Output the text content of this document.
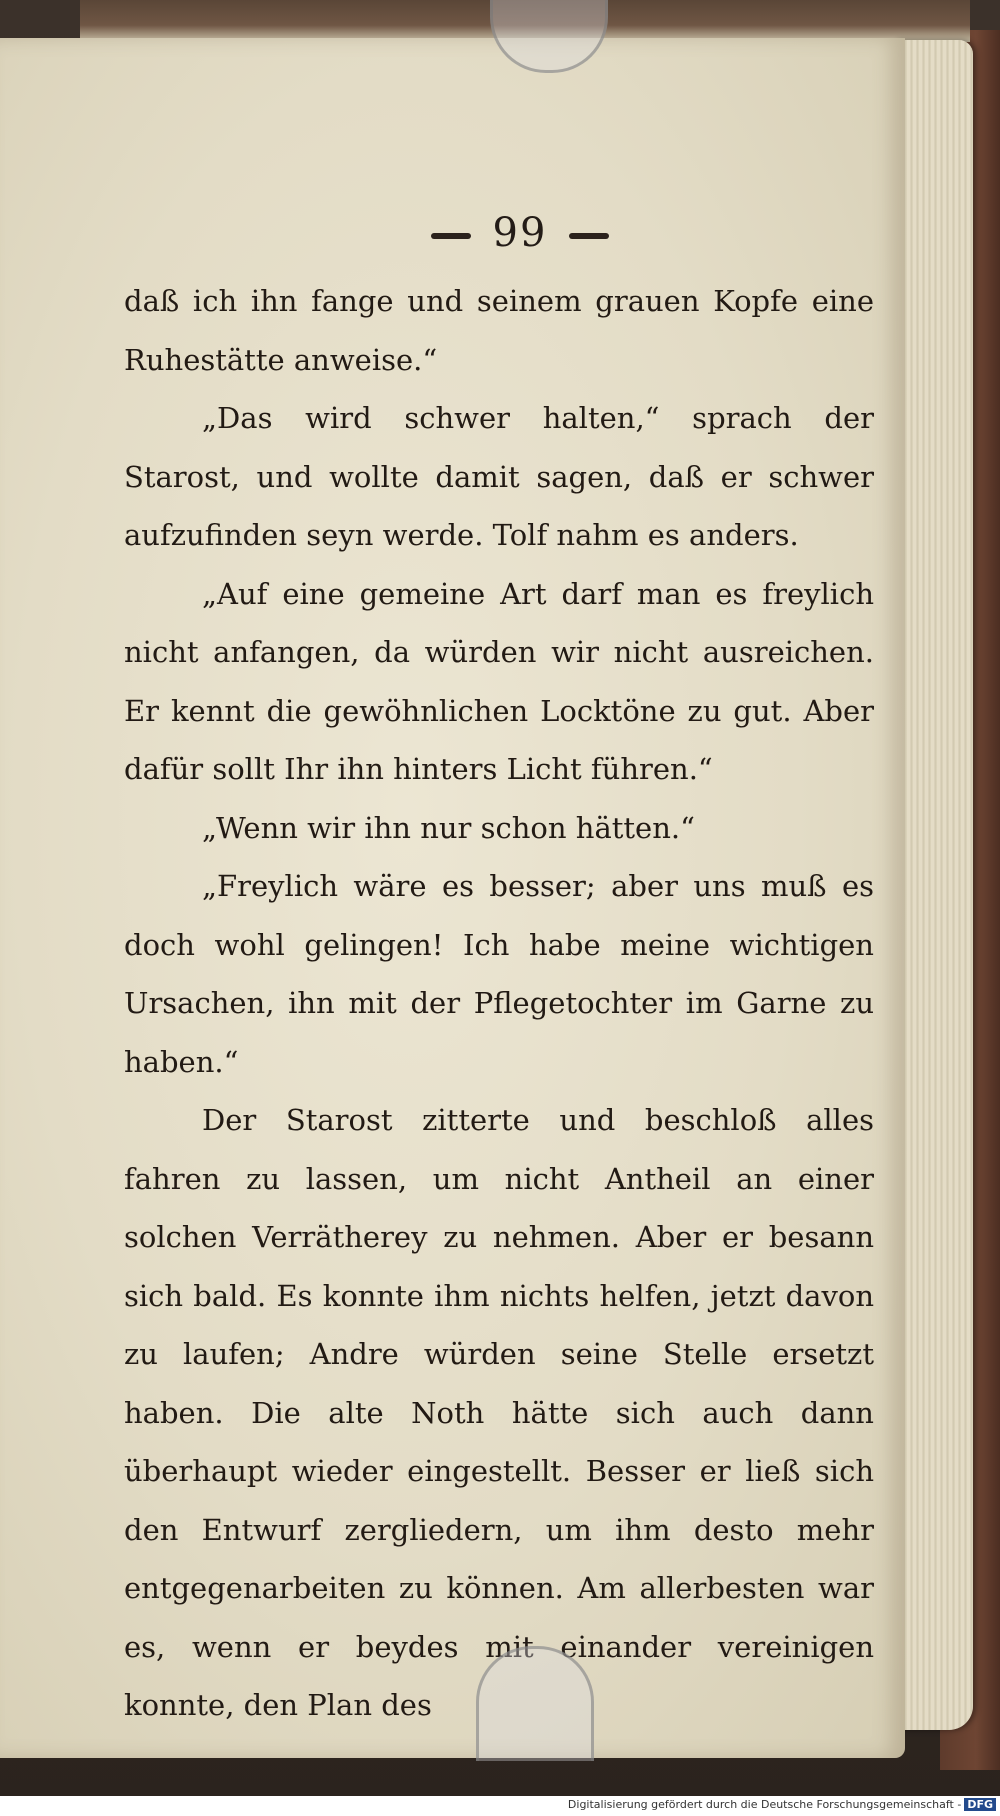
99

daß ich ihn fange und seinem grauen Kopfe eine Ruhestätte anweise.“

„Das wird schwer halten,“ sprach der Starost, und wollte damit sagen, daß er schwer aufzufinden seyn werde. Tolf nahm es anders.

„Auf eine gemeine Art darf man es freylich nicht anfangen, da würden wir nicht ausreichen. Er kennt die gewöhnlichen Locktöne zu gut. Aber dafür sollt Ihr ihn hinters Licht führen.“

„Wenn wir ihn nur schon hätten.“

„Freylich wäre es besser; aber uns muß es doch wohl gelingen! Ich habe meine wichtigen Ursachen, ihn mit der Pflegetochter im Garne zu haben.“

Der Starost zitterte und beschloß alles fahren zu lassen, um nicht Antheil an einer solchen Verrätherey zu nehmen. Aber er besann sich bald. Es konnte ihm nichts helfen, jetzt davon zu laufen; Andre würden seine Stelle ersetzt haben. Die alte Noth hätte sich auch dann überhaupt wieder eingestellt. Besser er ließ sich den Entwurf zergliedern, um ihm desto mehr entgegenarbeiten zu können. Am allerbesten war es, wenn er beydes mit einander vereinigen konnte, den Plan des

Digitalisierung gefördert durch die Deutsche Forschungsgemeinschaft - DFG
